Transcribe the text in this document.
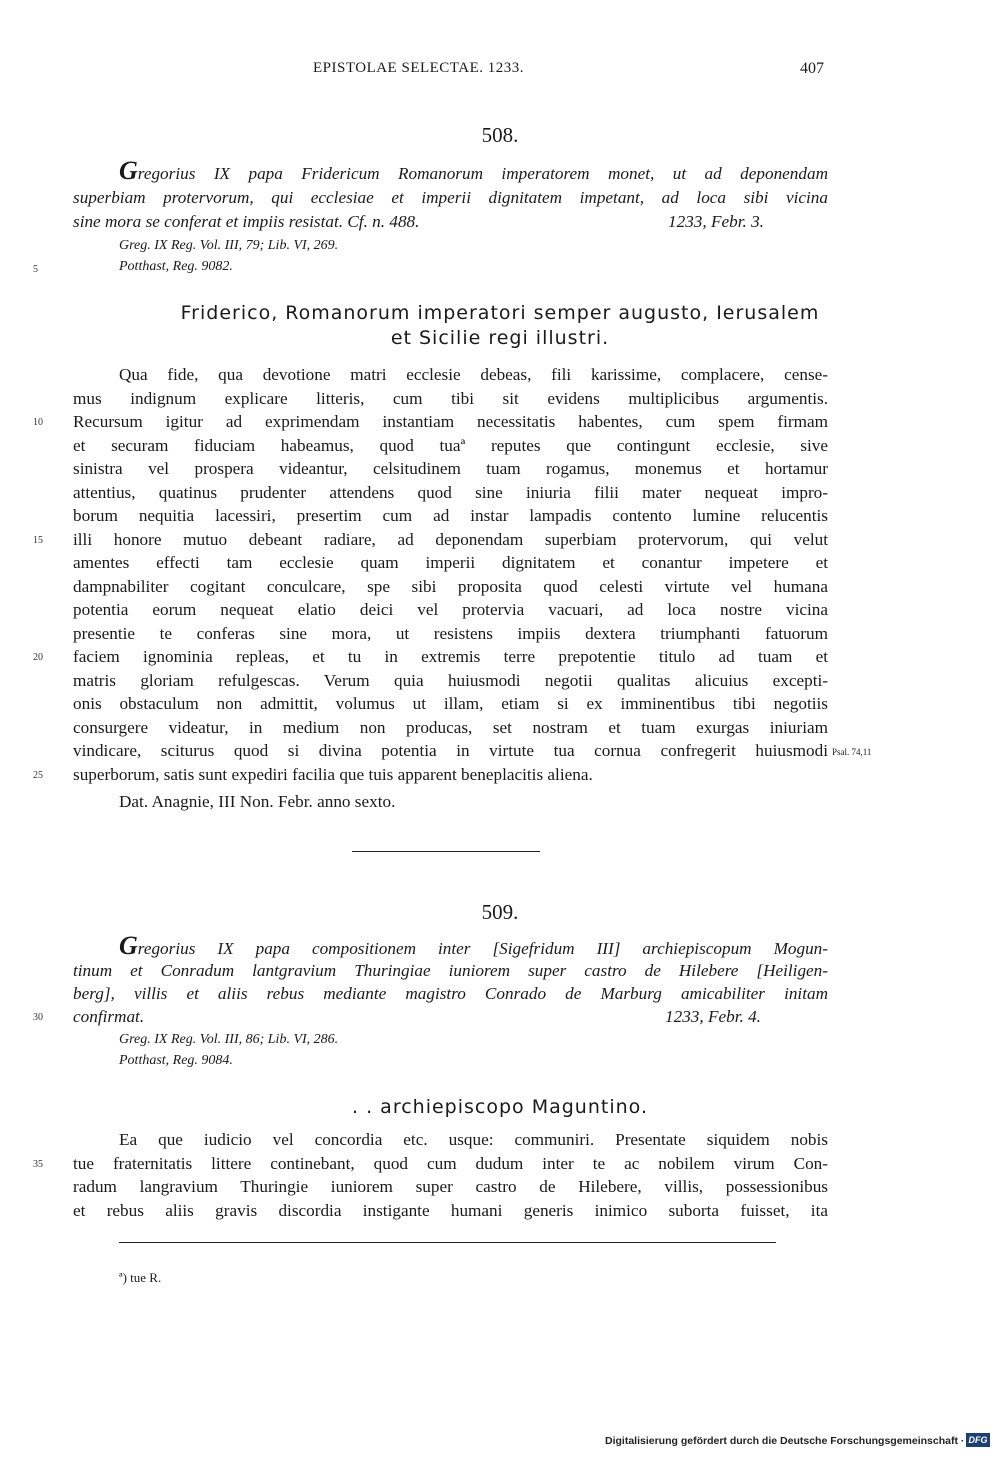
EPISTOLAE SELECTAE. 1233.	407
508.
Gregorius IX papa Fridericum Romanorum imperatorem monet, ut ad deponendam
superbiam protervorum, qui ecclesiae et imperii dignitatem impetant, ad loca sibi vicina
sine mora se conferat et impiis resistat. Cf. n. 488.	1233, Febr. 3.
Greg. IX Reg. Vol. III, 79; Lib. VI, 269.
Potthast, Reg. 9082.
Friderico, Romanorum imperatori semper augusto, Ierusalem
et Sicilie regi illustri.
Qua fide, qua devotione matri ecclesie debeas, fili karissime, complacere, cense-
mus indignum explicare litteris, cum tibi sit evidens multiplicibus argumentis.
Recursum igitur ad exprimendam instantiam necessitatis habentes, cum spem firmam
et securam fiduciam habeamus, quod tuaª reputes que contingunt ecclesie, sive
sinistra vel prospera videantur, celsitudinem tuam rogamus, monemus et hortamur
attentius, quatinus prudenter attendens quod sine iniuria filii mater nequeat impro-
borum nequitia lacessiri, presertim cum ad instar lampadis contento lumine relucentis
illi honore mutuo debeant radiare, ad deponendam superbiam protervorum, qui velut
amentes effecti tam ecclesie quam imperii dignitatem et conantur impetere et
dampnabiliter cogitant conculcare, spe sibi proposita quod celesti virtute vel humana
potentia eorum nequeat elatio deici vel protervia vacuari, ad loca nostre vicina
presentie te conferas sine mora, ut resistens impiis dextera triumphanti fatuorum
faciem ignominia repleas, et tu in extremis terre prepotentie titulo ad tuam et
matris gloriam refulgescas. Verum quia huiusmodi negotii qualitas alicuius excepti-
onis obstaculum non admittit, volumus ut illam, etiam si ex imminentibus tibi negotiis
consurgere videatur, in medium non producas, set nostram et tuam exurgas iniuriam
vindicare, sciturus quod si divina potentia in virtute tua cornua confregerit huiusmodi
superborum, satis sunt expediri facilia que tuis apparent beneplacitis aliena.
Dat. Anagnie, III Non. Febr. anno sexto.
Psal. 74,11
509.
Gregorius IX papa compositionem inter [Sigefridum III] archiepiscopum Mogun-
tinum et Conradum lantgravium Thuringiae iuniorem super castro de Hilebere [Heiligen-
berg], villis et aliis rebus mediante magistro Conrado de Marburg amicabiliter initam
confirmat.	1233, Febr. 4.
Greg. IX Reg. Vol. III, 86; Lib. VI, 286.
Potthast, Reg. 9084.
. . archiepiscopo Maguntino.
Ea que iudicio vel concordia etc. usque: communiri. Presentate siquidem nobis
tue fraternitatis littere continebant, quod cum dudum inter te ac nobilem virum Con-
radum langravium Thuringie iuniorem super castro de Hilebere, villis, possessionibus
et rebus aliis gravis discordia instigante humani generis inimico suborta fuisset, ita
5
10
15
20
25
30
35
ª) tue R.
Digitalisierung gefördert durch die Deutsche Forschungsgemeinschaft · DFG
